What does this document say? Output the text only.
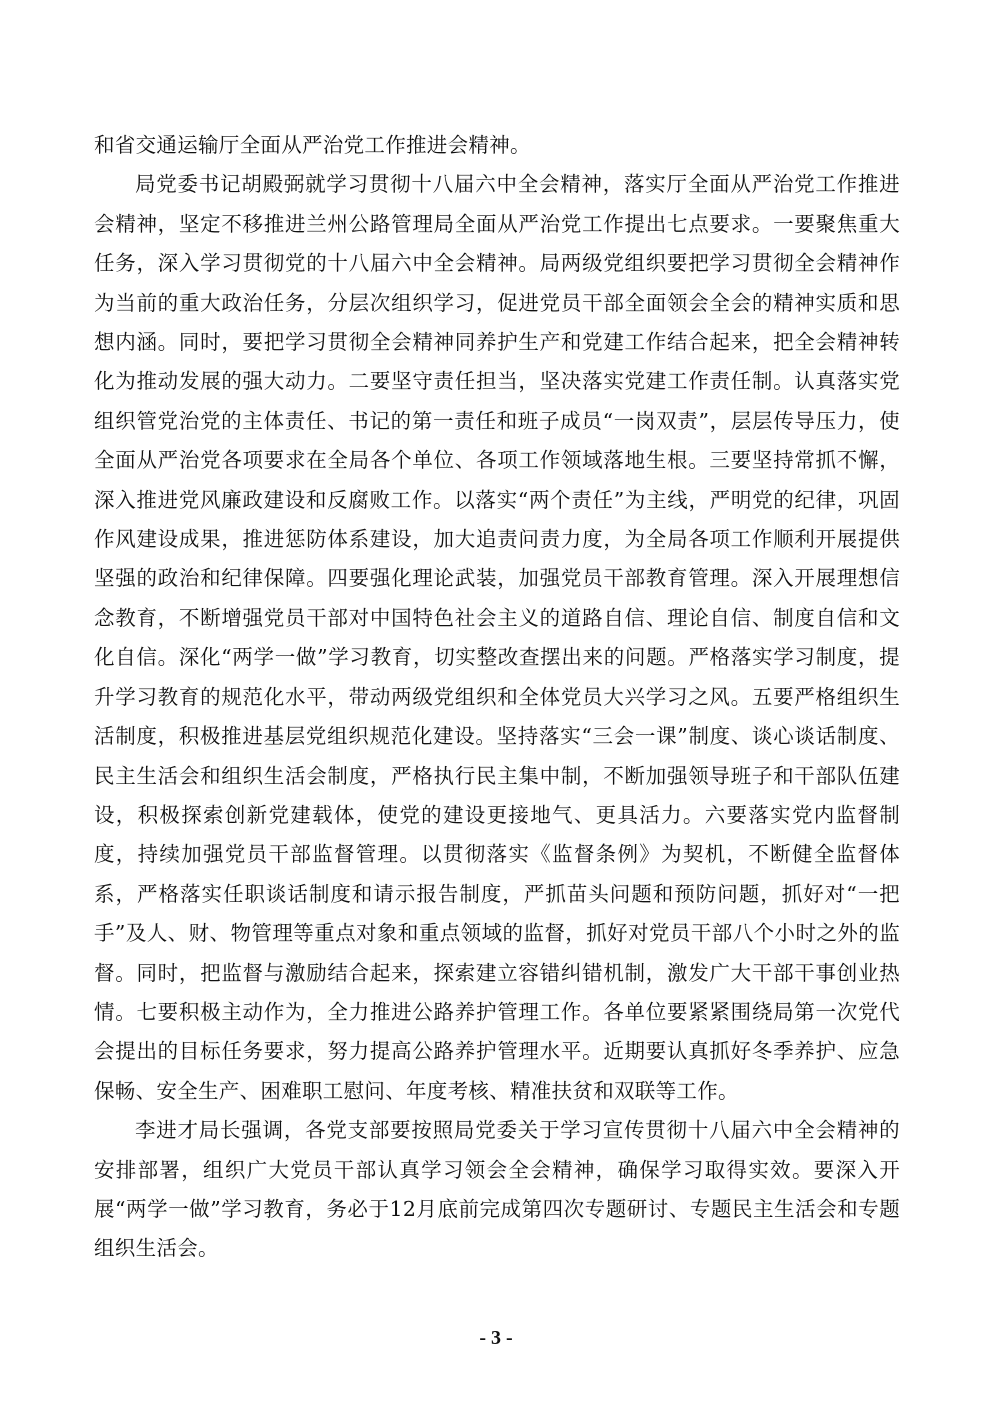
和省交通运输厅全面从严治党工作推进会精神。

局党委书记胡殿弼就学习贯彻十八届六中全会精神，落实厅全面从严治党工作推进会精神，坚定不移推进兰州公路管理局全面从严治党工作提出七点要求。一要聚焦重大任务，深入学习贯彻党的十八届六中全会精神。局两级党组织要把学习贯彻全会精神作为当前的重大政治任务，分层次组织学习，促进党员干部全面领会全会的精神实质和思想内涵。同时，要把学习贯彻全会精神同养护生产和党建工作结合起来，把全会精神转化为推动发展的强大动力。二要坚守责任担当，坚决落实党建工作责任制。认真落实党组织管党治党的主体责任、书记的第一责任和班子成员“一岗双责”，层层传导压力，使全面从严治党各项要求在全局各个单位、各项工作领域落地生根。三要坚持常抓不懈，深入推进党风廉政建设和反腐败工作。以落实“两个责任”为主线，严明党的纪律，巩固作风建设成果，推进惩防体系建设，加大追责问责力度，为全局各项工作顺利开展提供坚强的政治和纪律保障。四要强化理论武装，加强党员干部教育管理。深入开展理想信念教育，不断增强党员干部对中国特色社会主义的道路自信、理论自信、制度自信和文化自信。深化“两学一做”学习教育，切实整改查摆出来的问题。严格落实学习制度，提升学习教育的规范化水平，带动两级党组织和全体党员大兴学习之风。五要严格组织生活制度，积极推进基层党组织规范化建设。坚持落实“三会一课”制度、谈心谈话制度、民主生活会和组织生活会制度，严格执行民主集中制，不断加强领导班子和干部队伍建设，积极探索创新党建载体，使党的建设更接地气、更具活力。六要落实党内监督制度，持续加强党员干部监督管理。以贯彻落实《监督条例》为契机，不断健全监督体系，严格落实任职谈话制度和请示报告制度，严抓苗头问题和预防问题，抓好对“一把手”及人、财、物管理等重点对象和重点领域的监督，抓好对党员干部八个小时之外的监督。同时，把监督与激励结合起来，探索建立容错纠错机制，激发广大干部干事创业热情。七要积极主动作为，全力推进公路养护管理工作。各单位要紧紧围绕局第一次党代会提出的目标任务要求，努力提高公路养护管理水平。近期要认真抓好冬季养护、应急保畅、安全生产、困难职工慰问、年度考核、精准扶贫和双联等工作。

李进才局长强调，各党支部要按照局党委关于学习宣传贯彻十八届六中全会精神的安排部署，组织广大党员干部认真学习领会全会精神，确保学习取得实效。要深入开展“两学一做”学习教育，务必于12月底前完成第四次专题研讨、专题民主生活会和专题组织生活会。

- 3 -
